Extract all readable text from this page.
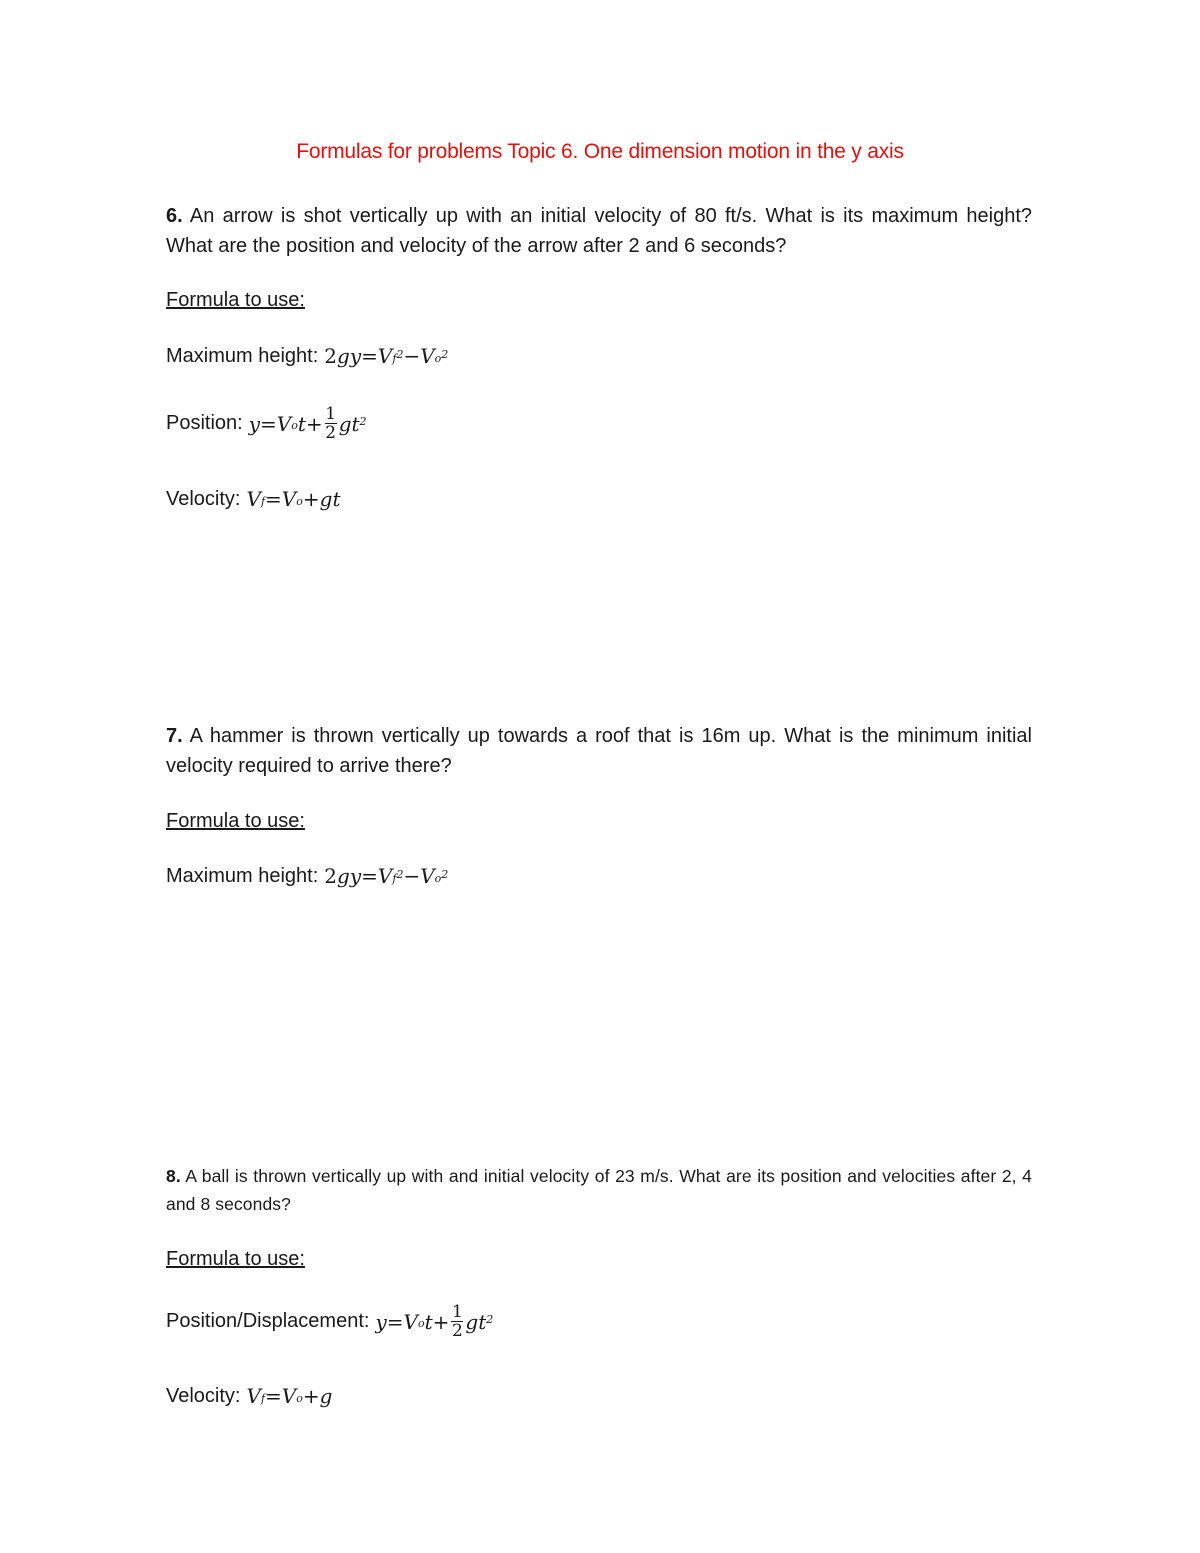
Formulas for problems Topic 6. One dimension motion in the y axis
6. An arrow is shot vertically up with an initial velocity of 80 ft/s. What is its maximum height? What are the position and velocity of the arrow after 2 and 6 seconds?
Formula to use:
Maximum height: 2 g $y = V_f^2 - V_o^2$
Position: $y = V_o$ $t + \frac{1}{2}$ g $t^2$
Velocity: $V_f = V_o + g$ t
7. A hammer is thrown vertically up towards a roof that is 16m up. What is the minimum initial velocity required to arrive there?
Formula to use:
Maximum height: 2 g $y = V_f^2 - V_o^2$
8. A ball is thrown vertically up with and initial velocity of 23 m/s. What are its position and velocities after 2, 4 and 8 seconds?
Formula to use:
Position/Displacement: $y = V_o$ $t + \frac{1}{2}$ g $t^2$
Velocity: $V_f = V_o + g$
